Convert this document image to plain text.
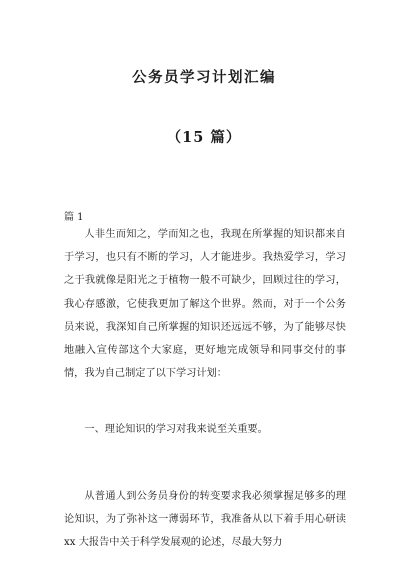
公务员学习计划汇编
（15 篇）
篇 1

人非生而知之，学而知之也，我现在所掌握的知识都来自于学习，也只有不断的学习，人才能进步。我热爱学习，学习之于我就像是阳光之于植物一般不可缺少，回顾过往的学习，我心存感激，它使我更加了解这个世界。然而，对于一个公务员来说，我深知自己所掌握的知识还远远不够，为了能够尽快地融入宣传部这个大家庭，更好地完成领导和同事交付的事情，我为自己制定了以下学习计划：

一、理论知识的学习对我来说至关重要。

从普通人到公务员身份的转变要求我必须掌握足够多的理论知识，为了弥补这一薄弱环节，我准备从以下着手用心研读 xx 大报告中关于科学发展观的论述，尽最大努力
